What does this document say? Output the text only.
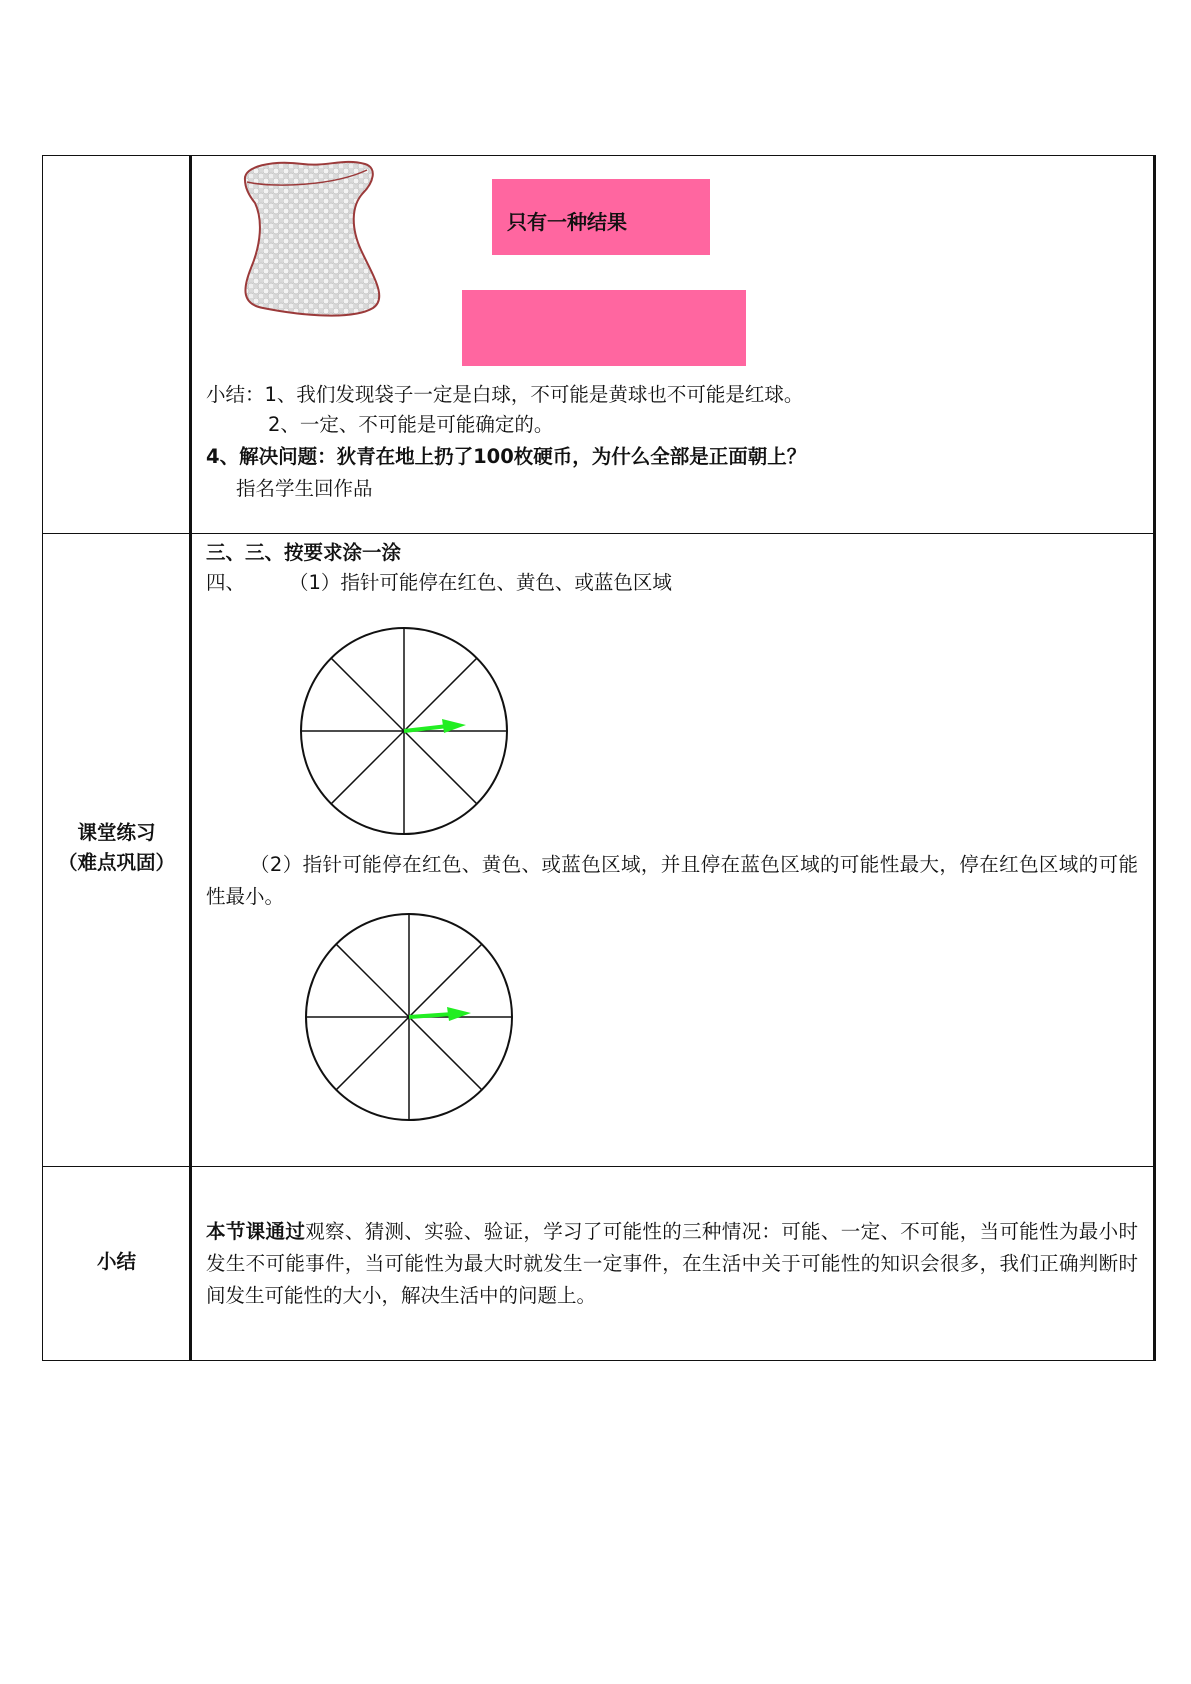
只有一种结果
小结：1、我们发现袋子一定是白球，不可能是黄球也不可能是红球。
2、一定、不可能是可能确定的。
4、解决问题：狄青在地上扔了100枚硬币，为什么全部是正面朝上？
指名学生回作品
课堂练习
（难点巩固）
三、三、按要求涂一涂
四、 （1）指针可能停在红色、黄色、或蓝色区域
（2）指针可能停在红色、黄色、或蓝色区域，并且停在蓝色区域的可能性最大，停在红色区域的可能性最小。
小结
本节课通过观察、猜测、实验、验证，学习了可能性的三种情况：可能、一定、不可能，当可能性为最小时发生不可能事件，当可能性为最大时就发生一定事件，在生活中关于可能性的知识会很多，我们正确判断时间发生可能性的大小，解决生活中的问题上。
